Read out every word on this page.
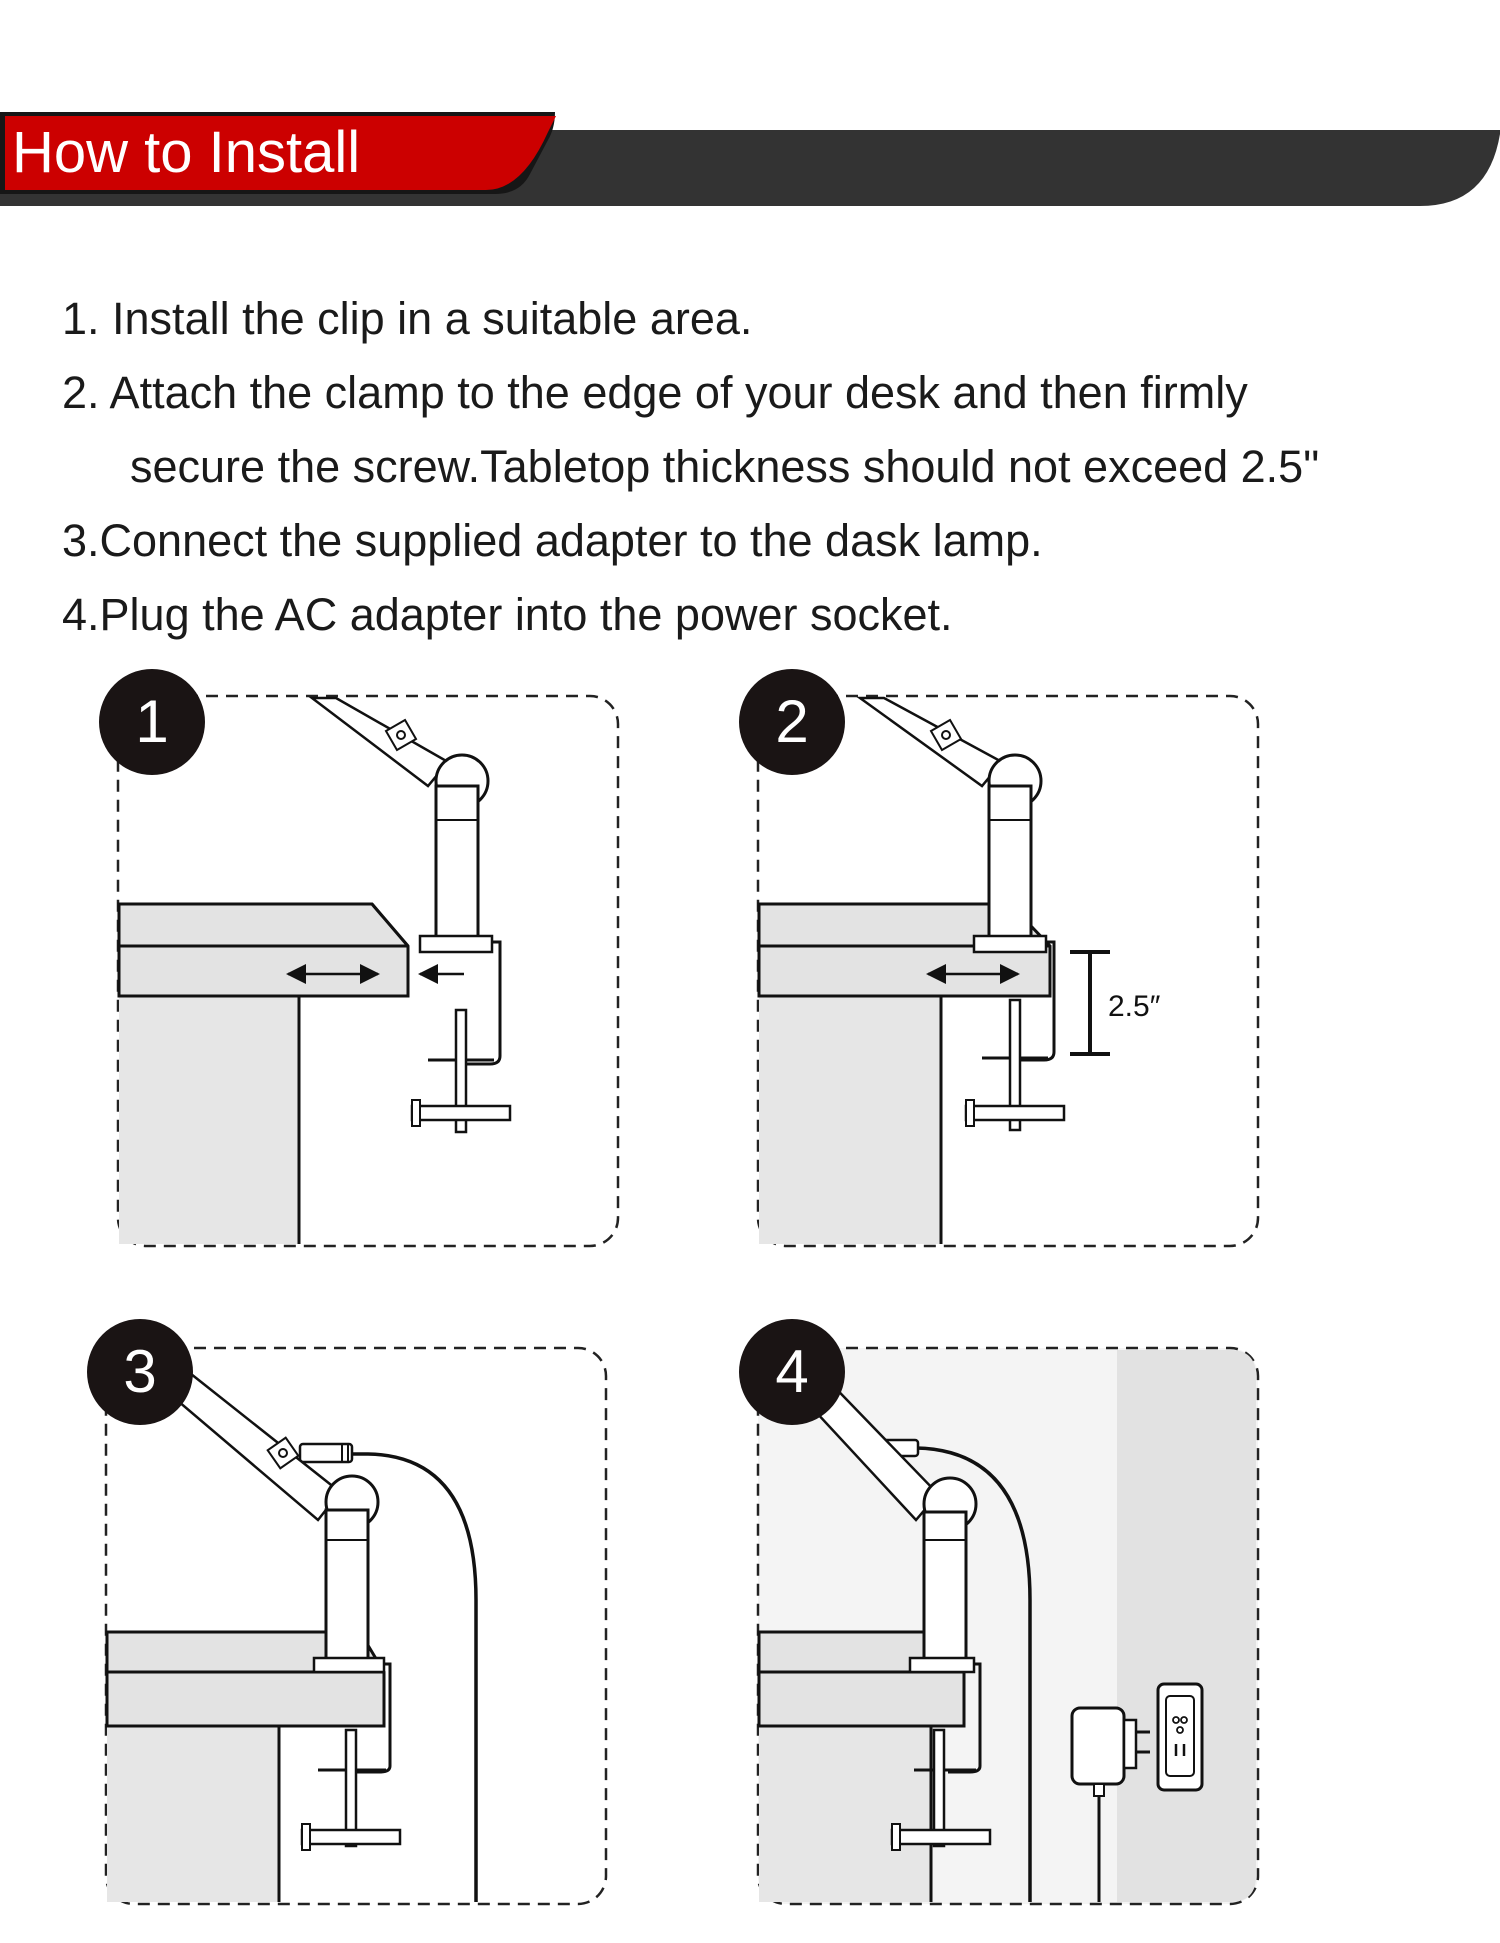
How to Install
1. Install the clip in a suitable area.
2. Attach the clamp to the edge of your desk and then firmly
secure the screw.Tabletop thickness should not exceed 2.5"
3.Connect the supplied adapter to the dask lamp.
4.Plug the AC adapter into the power socket.
1
2.5″
2
3	4
